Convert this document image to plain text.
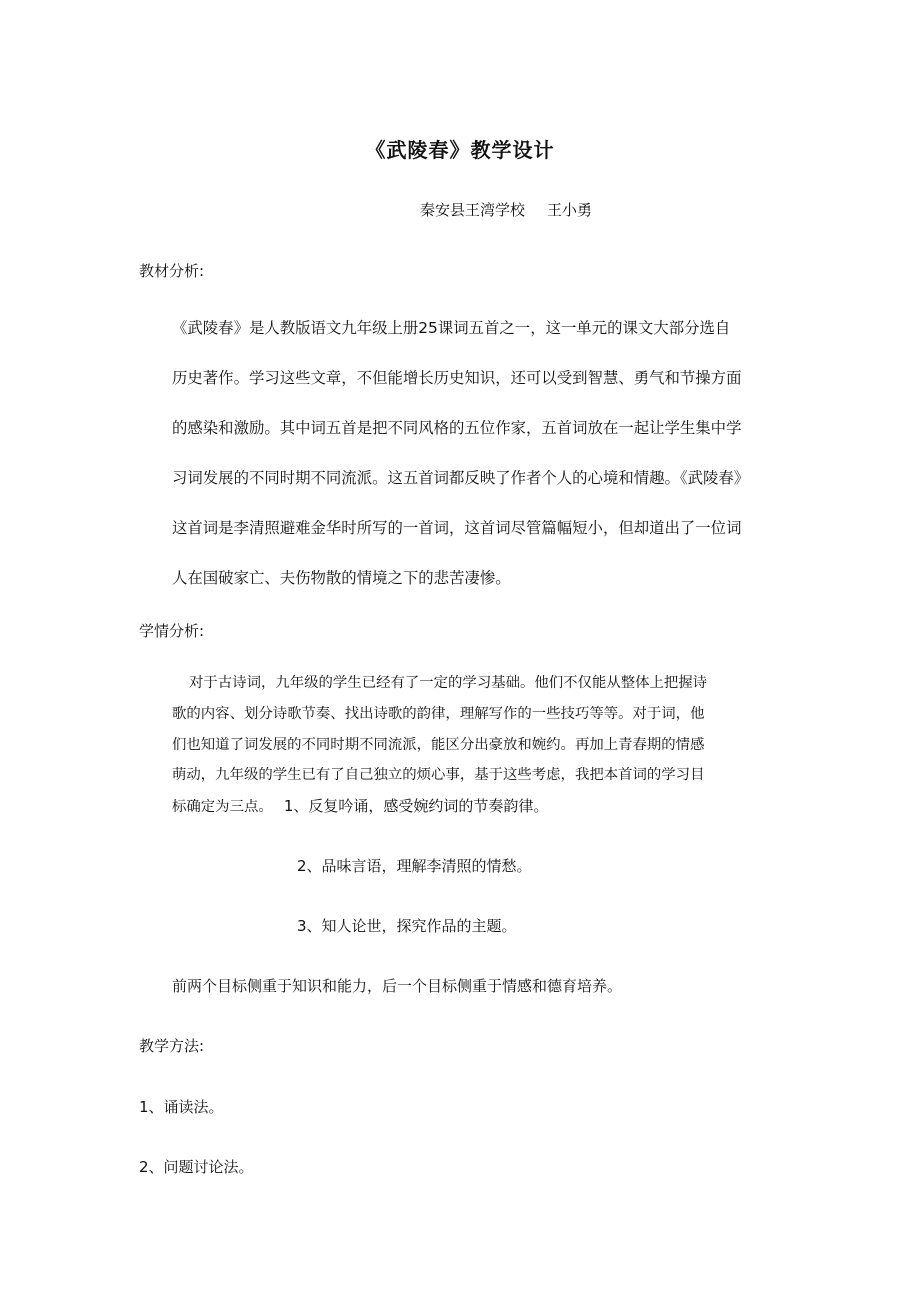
《武陵春》教学设计
秦安县王湾学校 王小勇
教材分析:
《武陵春》是人教版语文九年级上册25课词五首之一，这一单元的课文大部分选自
历史著作。学习这些文章，不但能增长历史知识，还可以受到智慧、勇气和节操方面
的感染和激励。其中词五首是把不同风格的五位作家，五首词放在一起让学生集中学
习词发展的不同时期不同流派。这五首词都反映了作者个人的心境和情趣。《武陵春》
这首词是李清照避难金华时所写的一首词，这首词尽管篇幅短小，但却道出了一位词
人在国破家亡、夫伤物散的情境之下的悲苦凄惨。
学情分析:
对于古诗词，九年级的学生已经有了一定的学习基础。他们不仅能从整体上把握诗
歌的内容、划分诗歌节奏、找出诗歌的韵律，理解写作的一些技巧等等。对于词，他
们也知道了词发展的不同时期不同流派，能区分出豪放和婉约。再加上青春期的情感
萌动，九年级的学生已有了自己独立的烦心事，基于这些考虑，我把本首词的学习目
标确定为三点。 1、反复吟诵，感受婉约词的节奏韵律。
2、品味言语，理解李清照的情愁。
3、知人论世，探究作品的主题。
前两个目标侧重于知识和能力，后一个目标侧重于情感和德育培养。
教学方法:
1、诵读法。
2、问题讨论法。
